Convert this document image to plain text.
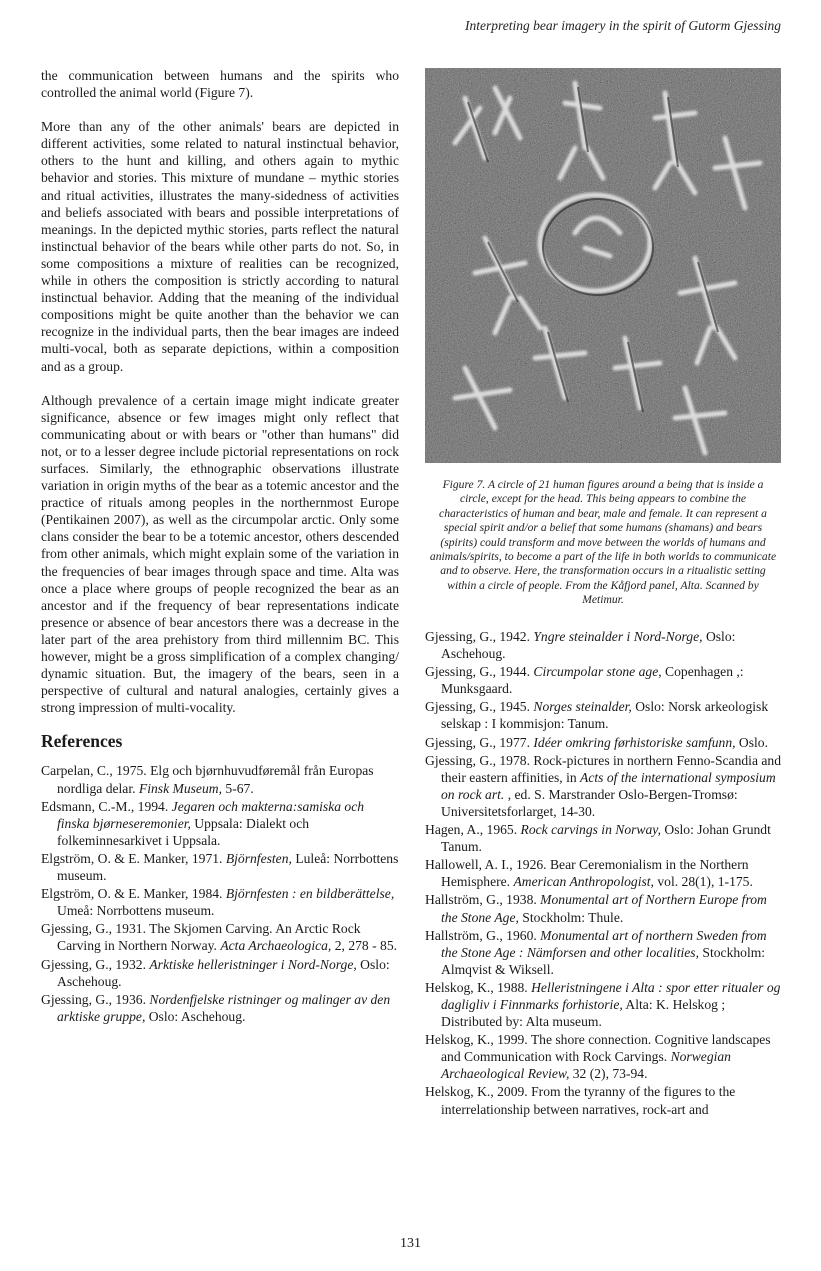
Interpreting bear imagery in the spirit of Gutorm Gjessing

the communication between humans and the spirits who controlled the animal world (Figure 7).

More than any of the other animals' bears are depicted in different activities, some related to natural instinctual behavior, others to the hunt and killing, and others again to mythic behavior and stories. This mixture of mundane – mythic stories and ritual activities, illustrates the many-sidedness of activities and beliefs associated with bears and possible interpretations of meanings. In the depicted mythic stories, parts reflect the natural instinctual behavior of the bears while other parts do not. So, in some compositions a mixture of realities can be recognized, while in others the composition is strictly according to natural instinctual behavior. Adding that the meaning of the individual compositions might be quite another than the behavior we can recognize in the individual parts, then the bear images are indeed multi-vocal, both as separate depictions, within a composition and as a group.

Although prevalence of a certain image might indicate greater significance, absence or few images might only reflect that communicating about or with bears or "other than humans" did not, or to a lesser degree include pictorial representations on rock surfaces. Similarly, the ethnographic observations illustrate variation in origin myths of the bear as a totemic ancestor and the practice of rituals among peoples in the northernmost Europe (Pentikainen 2007), as well as the circumpolar arctic. Only some clans consider the bear to be a totemic ancestor, others descended from other animals, which might explain some of the variation in the frequencies of bear images through space and time. Alta was once a place where groups of people recognized the bear as an ancestor and if the frequency of bear representations indicate presence or absence of bear ancestors there was a decrease in the later part of the area prehistory from third millennim BC. This however, might be a gross simplification of a complex changing/ dynamic situation. But, the imagery of the bears, seen in a perspective of cultural and natural analogies, certainly gives a strong impression of multi-vocality.

References
Carpelan, C., 1975. Elg och bjørnhuvudføremål från Europas nordliga delar. Finsk Museum, 5-67.
Edsmann, C.-M., 1994. Jegaren och makterna:samiska och finska bjørneseremonier, Uppsala: Dialekt och folkeminnesarkivet i Uppsala.
Elgström, O. & E. Manker, 1971. Björnfesten, Luleå: Norrbottens museum.
Elgström, O. & E. Manker, 1984. Björnfesten : en bildberättelse, Umeå: Norrbottens museum.
Gjessing, G., 1931. The Skjomen Carving. An Arctic Rock Carving in Northern Norway. Acta Archaeologica, 2, 278 - 85.
Gjessing, G., 1932. Arktiske helleristninger i Nord-Norge, Oslo: Aschehoug.
Gjessing, G., 1936. Nordenfjelske ristninger og malinger av den arktiske gruppe, Oslo: Aschehoug.
Figure 7. A circle of 21 human figures around a being that is inside a circle, except for the head. This being appears to combine the characteristics of human and bear, male and female. It can represent a special spirit and/or a belief that some humans (shamans) and bears (spirits) could transform and move between the worlds of humans and animals/spirits, to become a part of the life in both worlds to communicate and to observe. Here, the transformation occurs in a ritualistic setting within a circle of people. From the Kåfjord panel, Alta. Scanned by Metimur.
Gjessing, G., 1942. Yngre steinalder i Nord-Norge, Oslo: Aschehoug.
Gjessing, G., 1944. Circumpolar stone age, Copenhagen ,: Munksgaard.
Gjessing, G., 1945. Norges steinalder, Oslo: Norsk arkeologisk selskap : I kommisjon: Tanum.
Gjessing, G., 1977. Idéer omkring førhistoriske samfunn, Oslo.
Gjessing, G., 1978. Rock-pictures in northern Fenno-Scandia and their eastern affinities, in Acts of the international symposium on rock art. , ed. S. Marstrander Oslo-Bergen-Tromsø: Universitetsforlarget, 14-30.
Hagen, A., 1965. Rock carvings in Norway, Oslo: Johan Grundt Tanum.
Hallowell, A. I., 1926. Bear Ceremonialism in the Northern Hemisphere. American Anthropologist, vol. 28(1), 1-175.
Hallström, G., 1938. Monumental art of Northern Europe from the Stone Age, Stockholm: Thule.
Hallström, G., 1960. Monumental art of northern Sweden from the Stone Age : Nämforsen and other localities, Stockholm: Almqvist & Wiksell.
Helskog, K., 1988. Helleristningene i Alta : spor etter ritualer og dagligliv i Finnmarks forhistorie, Alta: K. Helskog ; Distributed by: Alta museum.
Helskog, K., 1999. The shore connection. Cognitive landscapes and Communication with Rock Carvings. Norwegian Archaeological Review, 32 (2), 73-94.
Helskog, K., 2009. From the tyranny of the figures to the interrelationship between narratives, rock-art and
131
